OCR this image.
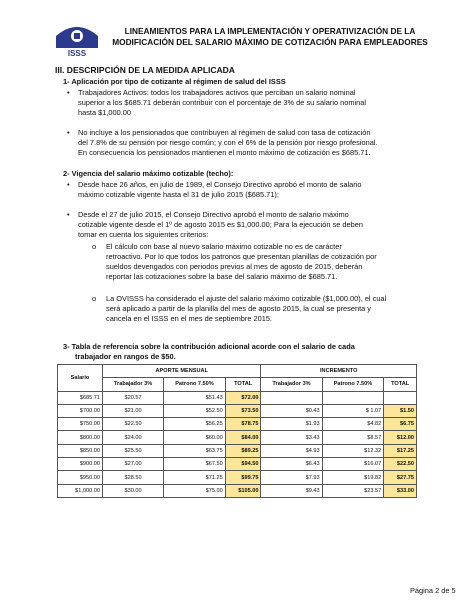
ISSS
LINEAMIENTOS PARA LA IMPLEMENTACIÓN Y OPERATIVIZACIÓN DE LA
MODIFICACIÓN DEL SALARIO MÁXIMO DE COTIZACIÓN PARA EMPLEADORES
III. DESCRIPCIÓN DE LA MEDIDA APLICADA
1- Aplicación por tipo de cotizante al régimen de salud del ISSS
• Trabajadores Activos: todos los trabajadores activos que perciban un salario nominal
superior a los $685.71 deberán contribuir con el porcentaje de 3% de su salario nominal
hasta $1,000.00
• No incluye a los pensionados que contribuyen al régimen de salud con tasa de cotización
del 7.8% de su pensión por riesgo común; y con el 6% de la pensión por riesgo profesional.
En consecuencia los pensionados mantienen el monto máximo de cotización es $685.71.
2- Vigencia del salario máximo cotizable (techo):
• Desde hace 26 años, en julio de 1989, el Consejo Directivo aprobó el monto de salario
máximo cotizable vigente hasta el 31 de julio 2015 ($685.71);
• Desde el 27 de julio 2015, el Consejo Directivo aprobó el monto de salario máximo
cotizable vigente desde el 1º de agosto 2015 es $1,000.00; Para la ejecución se deben
tomar en cuenta los siguientes criterios:
o El cálculo con base al nuevo salario máximo cotizable no es de carácter
retroactivo. Por lo que todos los patronos que presentan planillas de cotización por
sueldos devengados con periodos previos al mes de agosto de 2015, deberán
reportar las cotizaciones sobre la base del salario máximo de $685.71.
o La OVISSS ha considerado el ajuste del salario máximo cotizable ($1,000.00), el cual
será aplicado a partir de la planilla del mes de agosto 2015, la cual se presenta y
cancela en el ISSS en el mes de septiembre 2015.
3- Tabla de referencia sobre la contribución adicional acorde con el salario de cada
trabajador en rangos de $50.
Salario	APORTE MENSUAL			INCREMENTO		
	Trabajador 3%	Patrono 7.50%	TOTAL	Trabajador 3%	Patrono 7.50%	TOTAL
$685.71	$20.57	$51.43	$72.00			
$700.00	$21.00	$52.50	$73.50	$0.43	$ 1.07	$1.50
$750.00	$22.50	$56.25	$78.75	$1.93	$4.82	$6.75
$800.00	$24.00	$60.00	$84.00	$3.43	$8.57	$12.00
$850.00	$25.50	$63.75	$89.25	$4.93	$12.32	$17.25
$900.00	$27.00	$67.50	$94.50	$6.43	$16.07	$22.50
$950.00	$28.50	$71.25	$99.75	$7.93	$19.82	$27.75
$1,000.00	$30.00	$75.00	$105.00	$9.43	$23.57	$33.00
Página 2 de 5
